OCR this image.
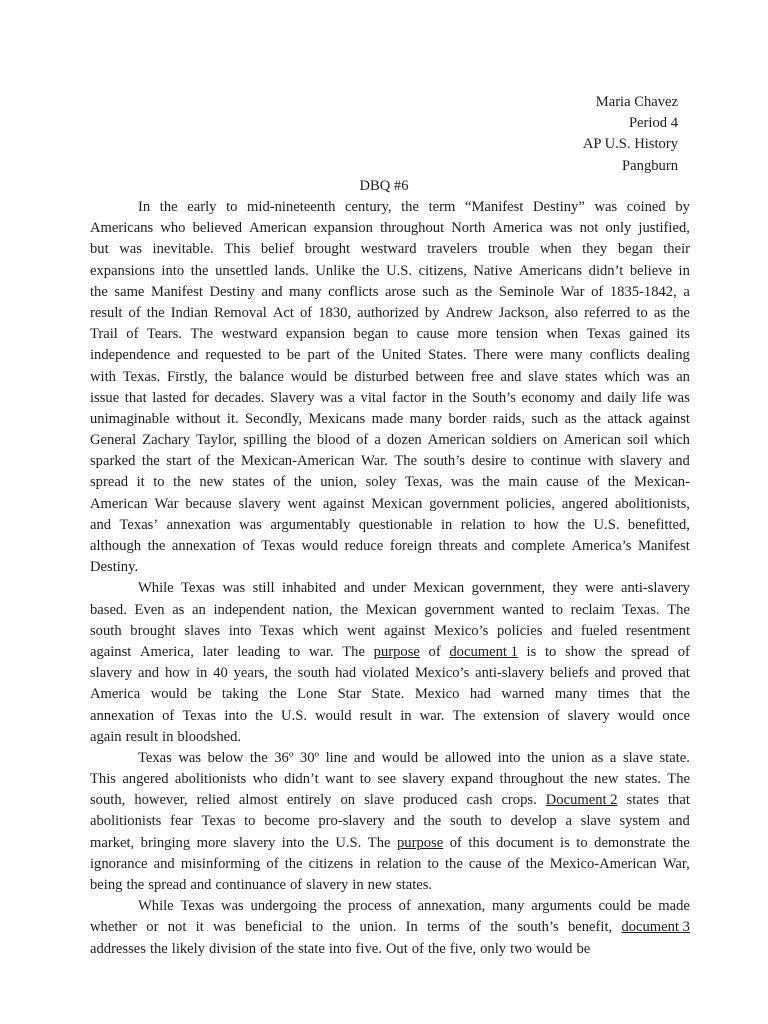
Maria Chavez
Period 4
AP U.S. History
Pangburn
DBQ #6
In the early to mid-nineteenth century, the term “Manifest Destiny” was coined by
Americans who believed American expansion throughout North America was not only justified,
but was inevitable. This belief brought westward travelers trouble when they began their
expansions into the unsettled lands. Unlike the U.S. citizens, Native Americans didn’t believe in
the same Manifest Destiny and many conflicts arose such as the Seminole War of 1835-1842, a
result of the Indian Removal Act of 1830, authorized by Andrew Jackson, also referred to as the
Trail of Tears. The westward expansion began to cause more tension when Texas gained its
independence and requested to be part of the United States. There were many conflicts dealing
with Texas. Firstly, the balance would be disturbed between free and slave states which was an
issue that lasted for decades. Slavery was a vital factor in the South’s economy and daily life was
unimaginable without it. Secondly, Mexicans made many border raids, such as the attack against
General Zachary Taylor, spilling the blood of a dozen American soldiers on American soil which
sparked the start of the Mexican-American War. The south’s desire to continue with slavery and
spread it to the new states of the union, soley Texas, was the main cause of the Mexican-
American War because slavery went against Mexican government policies, angered abolitionists,
and Texas’ annexation was argumentably questionable in relation to how the U.S. benefitted,
although the annexation of Texas would reduce foreign threats and complete America’s Manifest
Destiny.
While Texas was still inhabited and under Mexican government, they were anti-slavery
based. Even as an independent nation, the Mexican government wanted to reclaim Texas. The
south brought slaves into Texas which went against Mexico’s policies and fueled resentment
against America, later leading to war. The purpose of document 1 is to show the spread of
slavery and how in 40 years, the south had violated Mexico’s anti-slavery beliefs and proved that
America would be taking the Lone Star State. Mexico had warned many times that the
annexation of Texas into the U.S. would result in war. The extension of slavery would once
again result in bloodshed.
Texas was below the 36º 30º line and would be allowed into the union as a slave state.
This angered abolitionists who didn’t want to see slavery expand throughout the new states. The
south, however, relied almost entirely on slave produced cash crops. Document 2 states that
abolitionists fear Texas to become pro-slavery and the south to develop a slave system and
market, bringing more slavery into the U.S. The purpose of this document is to demonstrate the
ignorance and misinforming of the citizens in relation to the cause of the Mexico-American War,
being the spread and continuance of slavery in new states.
While Texas was undergoing the process of annexation, many arguments could be made
whether or not it was beneficial to the union. In terms of the south’s benefit, document 3
addresses the likely division of the state into five. Out of the five, only two would be
